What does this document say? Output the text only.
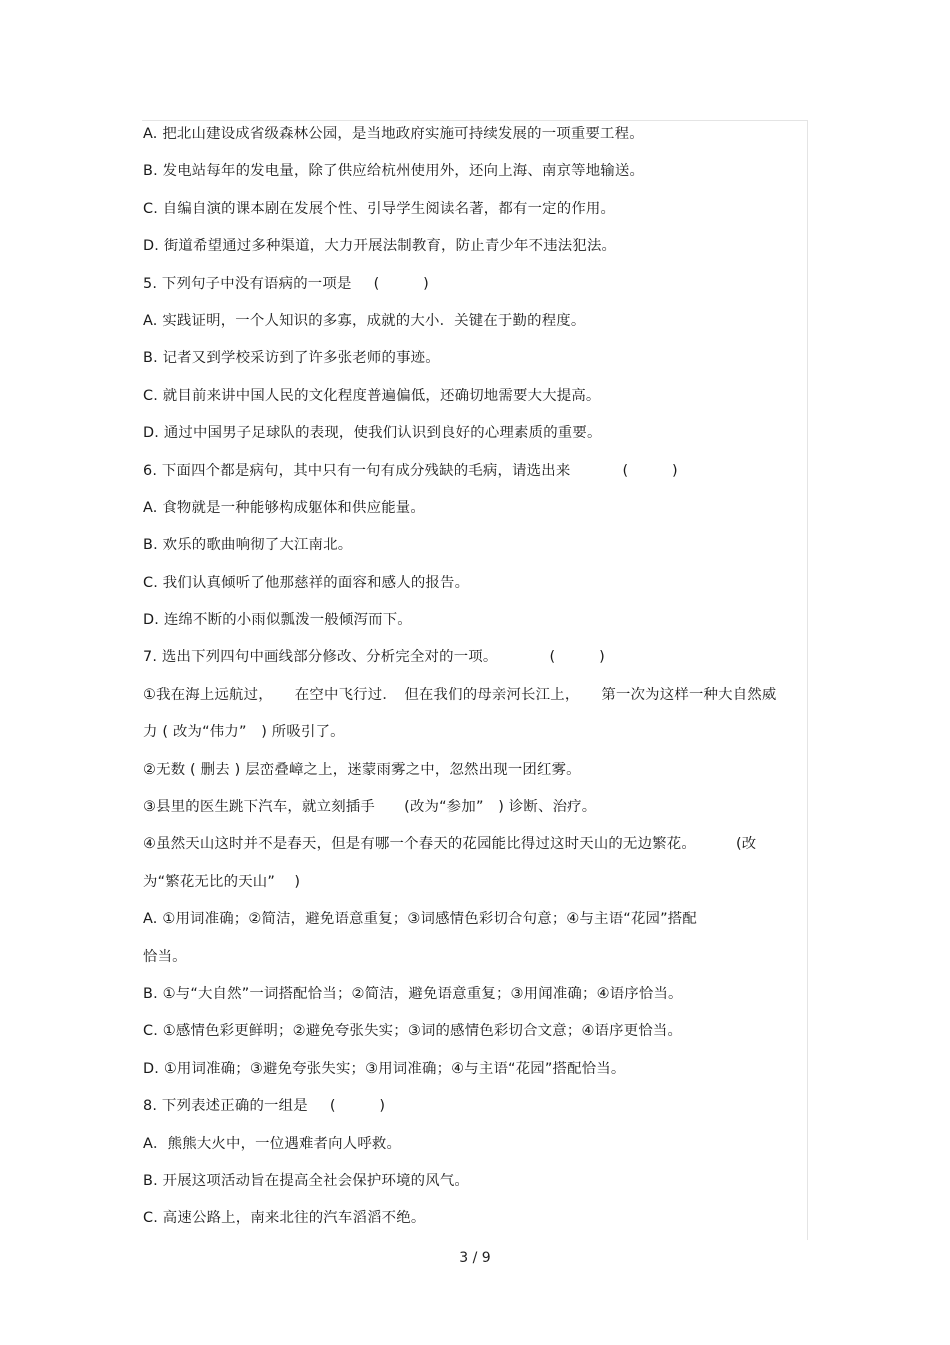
A. 把北山建设成省级森林公园，是当地政府实施可持续发展的一项重要工程。
B. 发电站每年的发电量，除了供应给杭州使用外，还向上海、南京等地输送。
C. 自编自演的课本剧在发展个性、引导学生阅读名著，都有一定的作用。
D. 街道希望通过多种渠道，大力开展法制教育，防止青少年不违法犯法。
5. 下列句子中没有语病的一项是 (　　　)
A. 实践证明，一个人知识的多寡，成就的大小．关键在于勤的程度。
B. 记者又到学校采访到了许多张老师的事迹。
C. 就目前来讲中国人民的文化程度普遍偏低，还确切地需要大大提高。
D. 通过中国男子足球队的表现，使我们认识到良好的心理素质的重要。
6. 下面四个都是病句，其中只有一句有成分残缺的毛病，请选出来	(　　　)
A. 食物就是一种能够构成躯体和供应能量。
B. 欢乐的歌曲响彻了大江南北。
C. 我们认真倾听了他那慈祥的面容和感人的报告。
D. 连绵不断的小雨似瓢泼一般倾泻而下。
7. 选出下列四句中画线部分修改、分析完全对的一项。	(　　　)
①我在海上远航过，　　在空中飞行过．　但在我们的母亲河长江上，　　第一次为这样一种大自然威
力 ( 改为“伟力”　) 所吸引了。
②无数 ( 删去 ) 层峦叠嶂之上，迷蒙雨雾之中，忽然出现一团红雾。
③县里的医生跳下汽车，就立刻插手　　(改为“参加”　) 诊断、治疗。
④虽然天山这时并不是春天，但是有哪一个春天的花园能比得过这时天山的无边繁花。	(改
为“繁花无比的天山”　 )
A. ①用词准确；②简洁，避免语意重复；③词感情色彩切合句意；④与主语“花园”搭配
恰当。
B. ①与“大自然”一词搭配恰当；②简洁，避免语意重复；③用闻准确；④语序恰当。
C. ①感情色彩更鲜明；②避免夸张失实；③词的感情色彩切合文意；④语序更恰当。
D. ①用词准确；③避免夸张失实；③用词准确；④与主语“花园”搭配恰当。
8. 下列表述正确的一组是 (　　　)
A．熊熊大火中，一位遇难者向人呼救。
B. 开展这项活动旨在提高全社会保护环境的风气。
C. 高速公路上，南来北往的汽车滔滔不绝。
3 / 9
